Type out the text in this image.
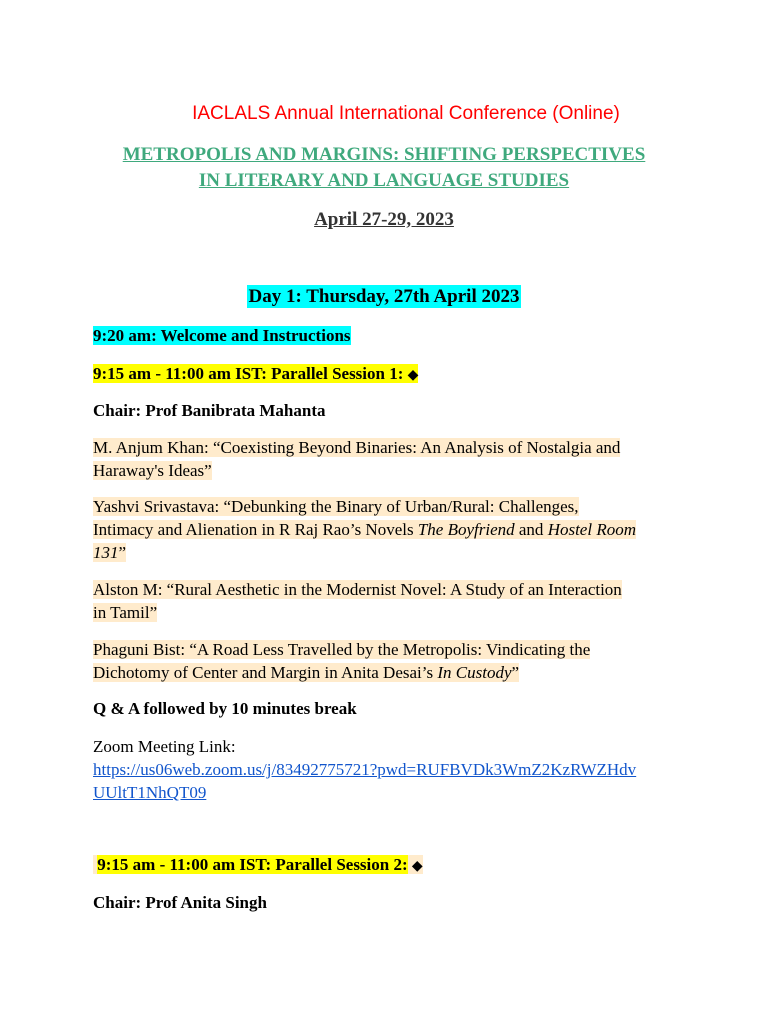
IACLALS Annual International Conference (Online)
METROPOLIS AND MARGINS: SHIFTING PERSPECTIVES
IN LITERARY AND LANGUAGE STUDIES
April 27-29, 2023
Day 1: Thursday, 27th April 2023
9:20 am: Welcome and Instructions
9:15 am - 11:00 am IST: Parallel Session 1: ◆
Chair: Prof Banibrata Mahanta
M. Anjum Khan: “Coexisting Beyond Binaries: An Analysis of Nostalgia and
Haraway's Ideas”
Yashvi Srivastava: “Debunking the Binary of Urban/Rural: Challenges,
Intimacy and Alienation in R Raj Rao’s Novels The Boyfriend and Hostel Room
131”
Alston M: “Rural Aesthetic in the Modernist Novel: A Study of an Interaction
in Tamil”
Phaguni Bist: “A Road Less Travelled by the Metropolis: Vindicating the
Dichotomy of Center and Margin in Anita Desai’s In Custody”
Q & A followed by 10 minutes break
Zoom Meeting Link:
https://us06web.zoom.us/j/83492775721?pwd=RUFBVDk3WmZ2KzRWZHdv
UUltT1NhQT09
9:15 am - 11:00 am IST: Parallel Session 2: ◆
Chair: Prof Anita Singh
